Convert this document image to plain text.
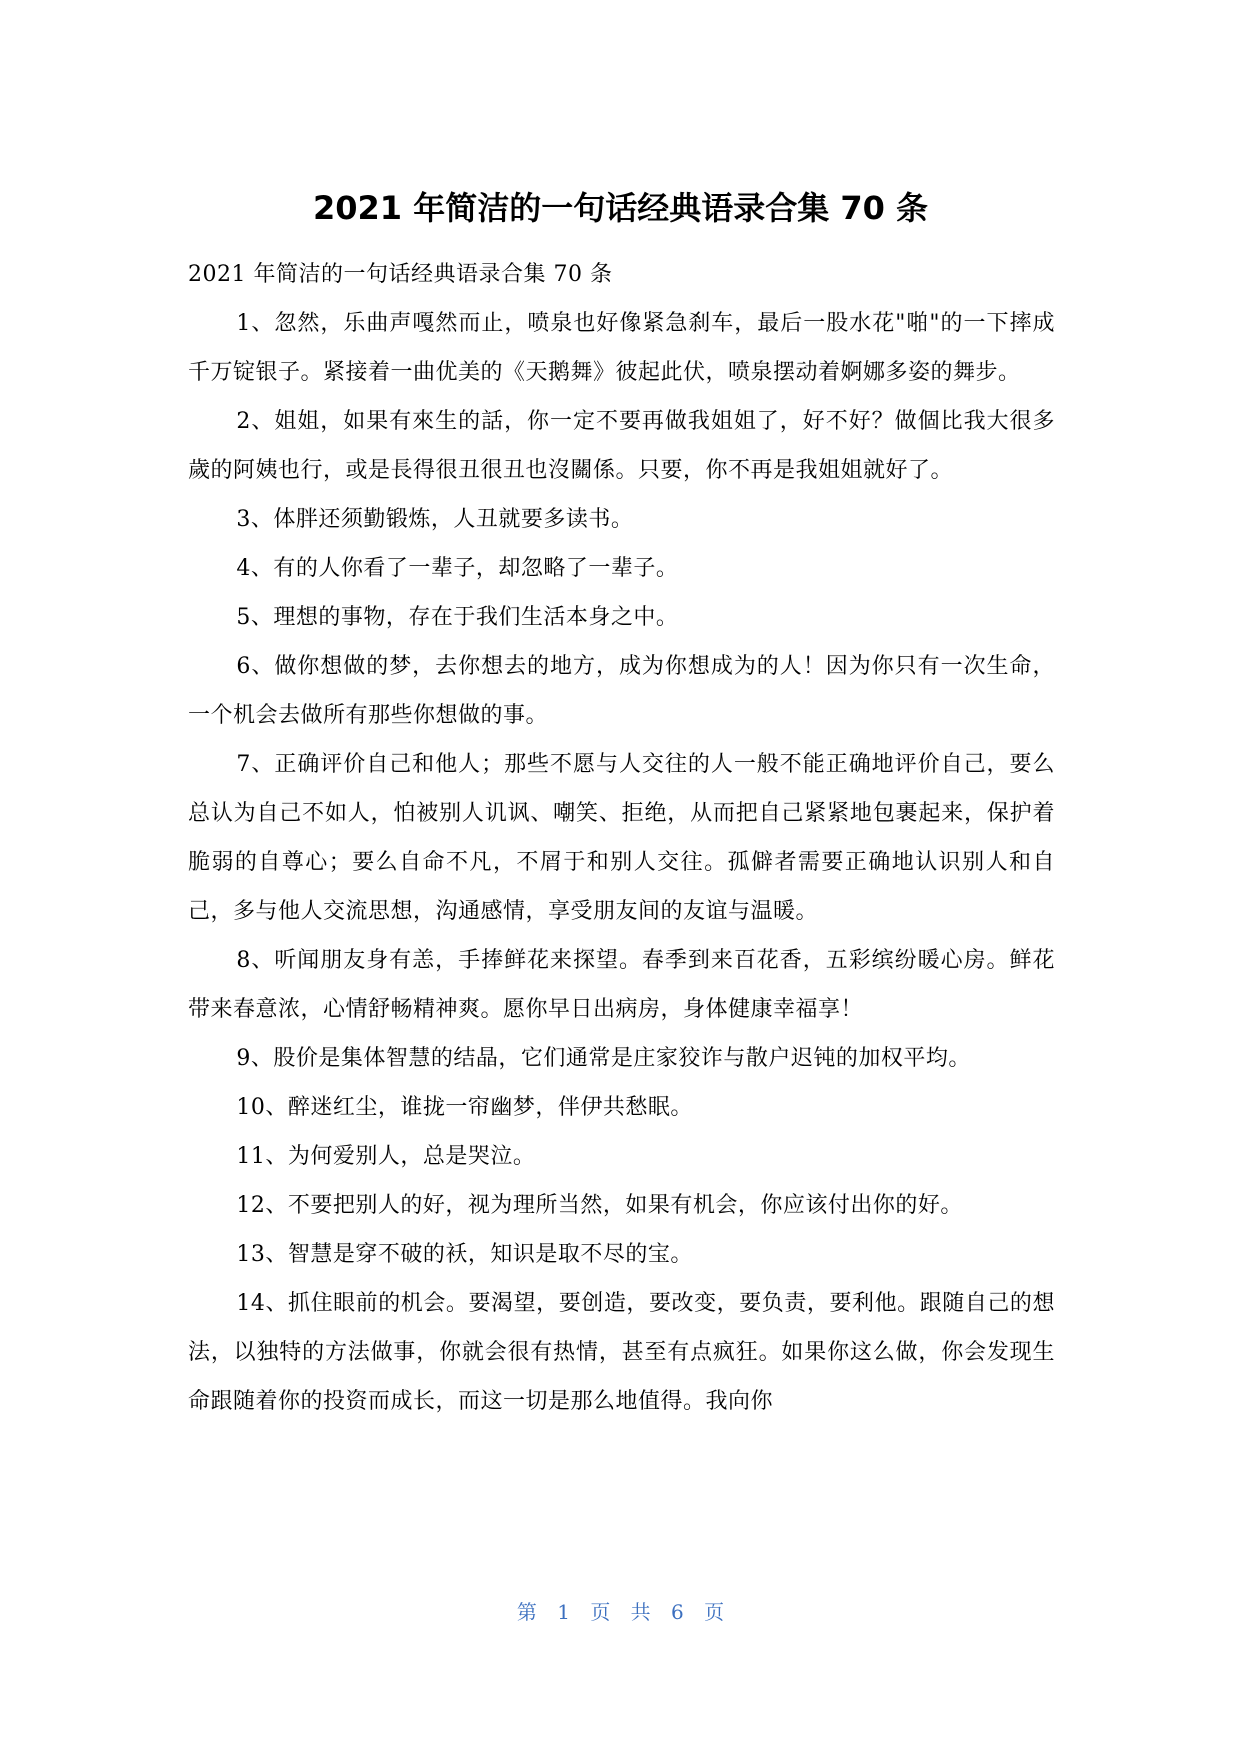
2021 年简洁的一句话经典语录合集 70 条

2021 年简洁的一句话经典语录合集 70 条

1、忽然，乐曲声嘎然而止，喷泉也好像紧急刹车，最后一股水花"啪"的一下摔成千万锭银子。紧接着一曲优美的《天鹅舞》彼起此伏，喷泉摆动着婀娜多姿的舞步。

2、姐姐，如果有來生的話，你一定不要再做我姐姐了，好不好？做個比我大很多歲的阿姨也行，或是長得很丑很丑也沒關係。只要，你不再是我姐姐就好了。

3、体胖还须勤锻炼，人丑就要多读书。

4、有的人你看了一辈子，却忽略了一辈子。

5、理想的事物，存在于我们生活本身之中。

6、做你想做的梦，去你想去的地方，成为你想成为的人！因为你只有一次生命，一个机会去做所有那些你想做的事。

7、正确评价自己和他人；那些不愿与人交往的人一般不能正确地评价自己，要么总认为自己不如人，怕被别人讥讽、嘲笑、拒绝，从而把自己紧紧地包裹起来，保护着脆弱的自尊心；要么自命不凡，不屑于和别人交往。孤僻者需要正确地认识别人和自己，多与他人交流思想，沟通感情，享受朋友间的友谊与温暖。

8、听闻朋友身有恙，手捧鲜花来探望。春季到来百花香，五彩缤纷暖心房。鲜花带来春意浓，心情舒畅精神爽。愿你早日出病房，身体健康幸福享！

9、股价是集体智慧的结晶，它们通常是庄家狡诈与散户迟钝的加权平均。

10、醉迷红尘，谁拢一帘幽梦，伴伊共愁眠。

11、为何爱别人，总是哭泣。

12、不要把别人的好，视为理所当然，如果有机会，你应该付出你的好。

13、智慧是穿不破的袄，知识是取不尽的宝。

14、抓住眼前的机会。要渴望，要创造，要改变，要负责，要利他。跟随自己的想法，以独特的方法做事，你就会很有热情，甚至有点疯狂。如果你这么做，你会发现生命跟随着你的投资而成长，而这一切是那么地值得。我向你

第 1 页 共 6 页
